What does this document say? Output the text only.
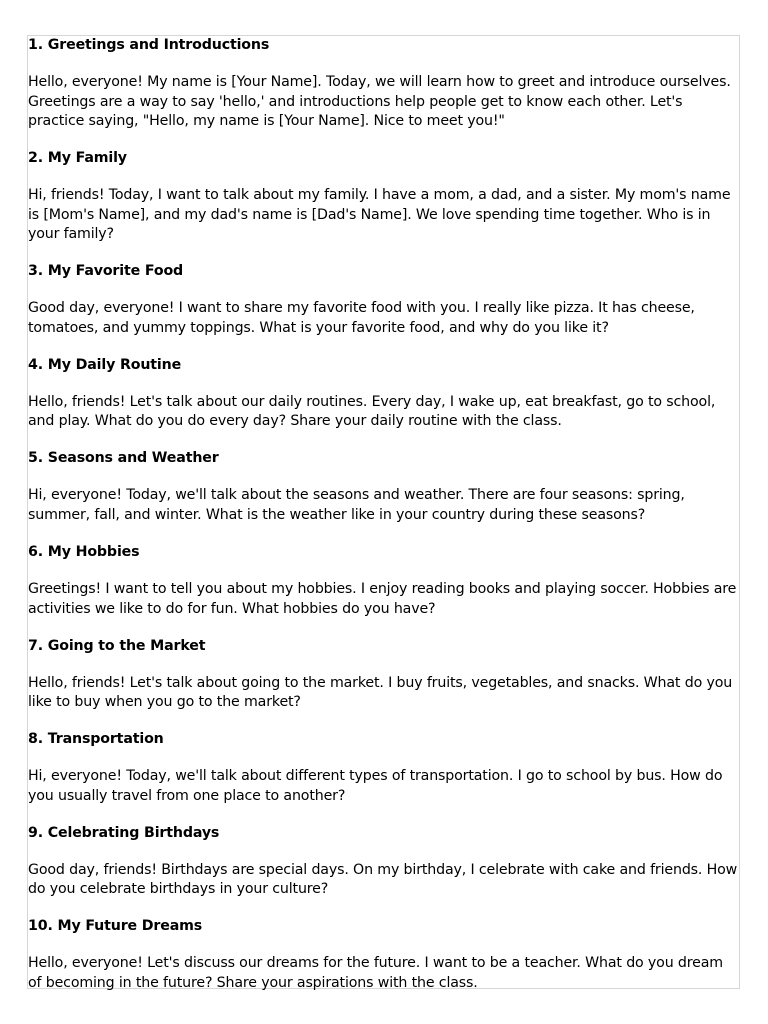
1. Greetings and Introductions

Hello, everyone! My name is [Your Name]. Today, we will learn how to greet and introduce ourselves. Greetings are a way to say 'hello,' and introductions help people get to know each other. Let's practice saying, "Hello, my name is [Your Name]. Nice to meet you!"

2. My Family

Hi, friends! Today, I want to talk about my family. I have a mom, a dad, and a sister. My mom's name is [Mom's Name], and my dad's name is [Dad's Name]. We love spending time together. Who is in your family?

3. My Favorite Food

Good day, everyone! I want to share my favorite food with you. I really like pizza. It has cheese, tomatoes, and yummy toppings. What is your favorite food, and why do you like it?

4. My Daily Routine

Hello, friends! Let's talk about our daily routines. Every day, I wake up, eat breakfast, go to school, and play. What do you do every day? Share your daily routine with the class.

5. Seasons and Weather

Hi, everyone! Today, we'll talk about the seasons and weather. There are four seasons: spring, summer, fall, and winter. What is the weather like in your country during these seasons?

6. My Hobbies

Greetings! I want to tell you about my hobbies. I enjoy reading books and playing soccer. Hobbies are activities we like to do for fun. What hobbies do you have?

7. Going to the Market

Hello, friends! Let's talk about going to the market. I buy fruits, vegetables, and snacks. What do you like to buy when you go to the market?

8. Transportation

Hi, everyone! Today, we'll talk about different types of transportation. I go to school by bus. How do you usually travel from one place to another?

9. Celebrating Birthdays

Good day, friends! Birthdays are special days. On my birthday, I celebrate with cake and friends. How do you celebrate birthdays in your culture?

10. My Future Dreams

Hello, everyone! Let's discuss our dreams for the future. I want to be a teacher. What do you dream of becoming in the future? Share your aspirations with the class.
